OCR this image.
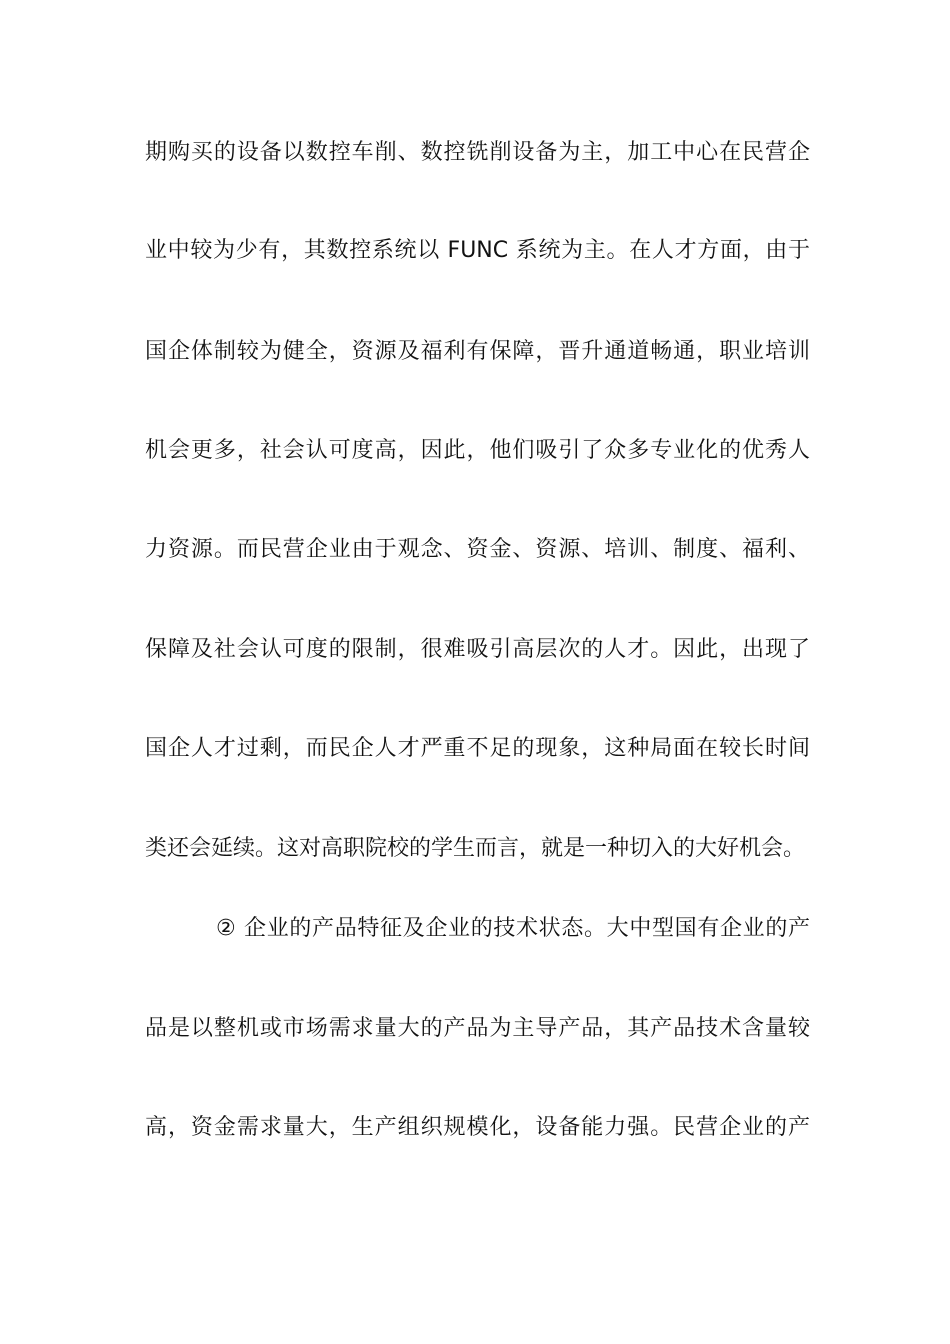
期购买的设备以数控车削、数控铣削设备为主，加工中心在民营企
业中较为少有，其数控系统以 FUNC 系统为主。在人才方面，由于
国企体制较为健全，资源及福利有保障，晋升通道畅通，职业培训
机会更多，社会认可度高，因此，他们吸引了众多专业化的优秀人
力资源。而民营企业由于观念、资金、资源、培训、制度、福利、
保障及社会认可度的限制，很难吸引高层次的人才。因此，出现了
国企人才过剩，而民企人才严重不足的现象，这种局面在较长时间
类还会延续。这对高职院校的学生而言，就是一种切入的大好机会。
② 企业的产品特征及企业的技术状态。大中型国有企业的产
品是以整机或市场需求量大的产品为主导产品，其产品技术含量较
高，资金需求量大，生产组织规模化，设备能力强。民营企业的产
